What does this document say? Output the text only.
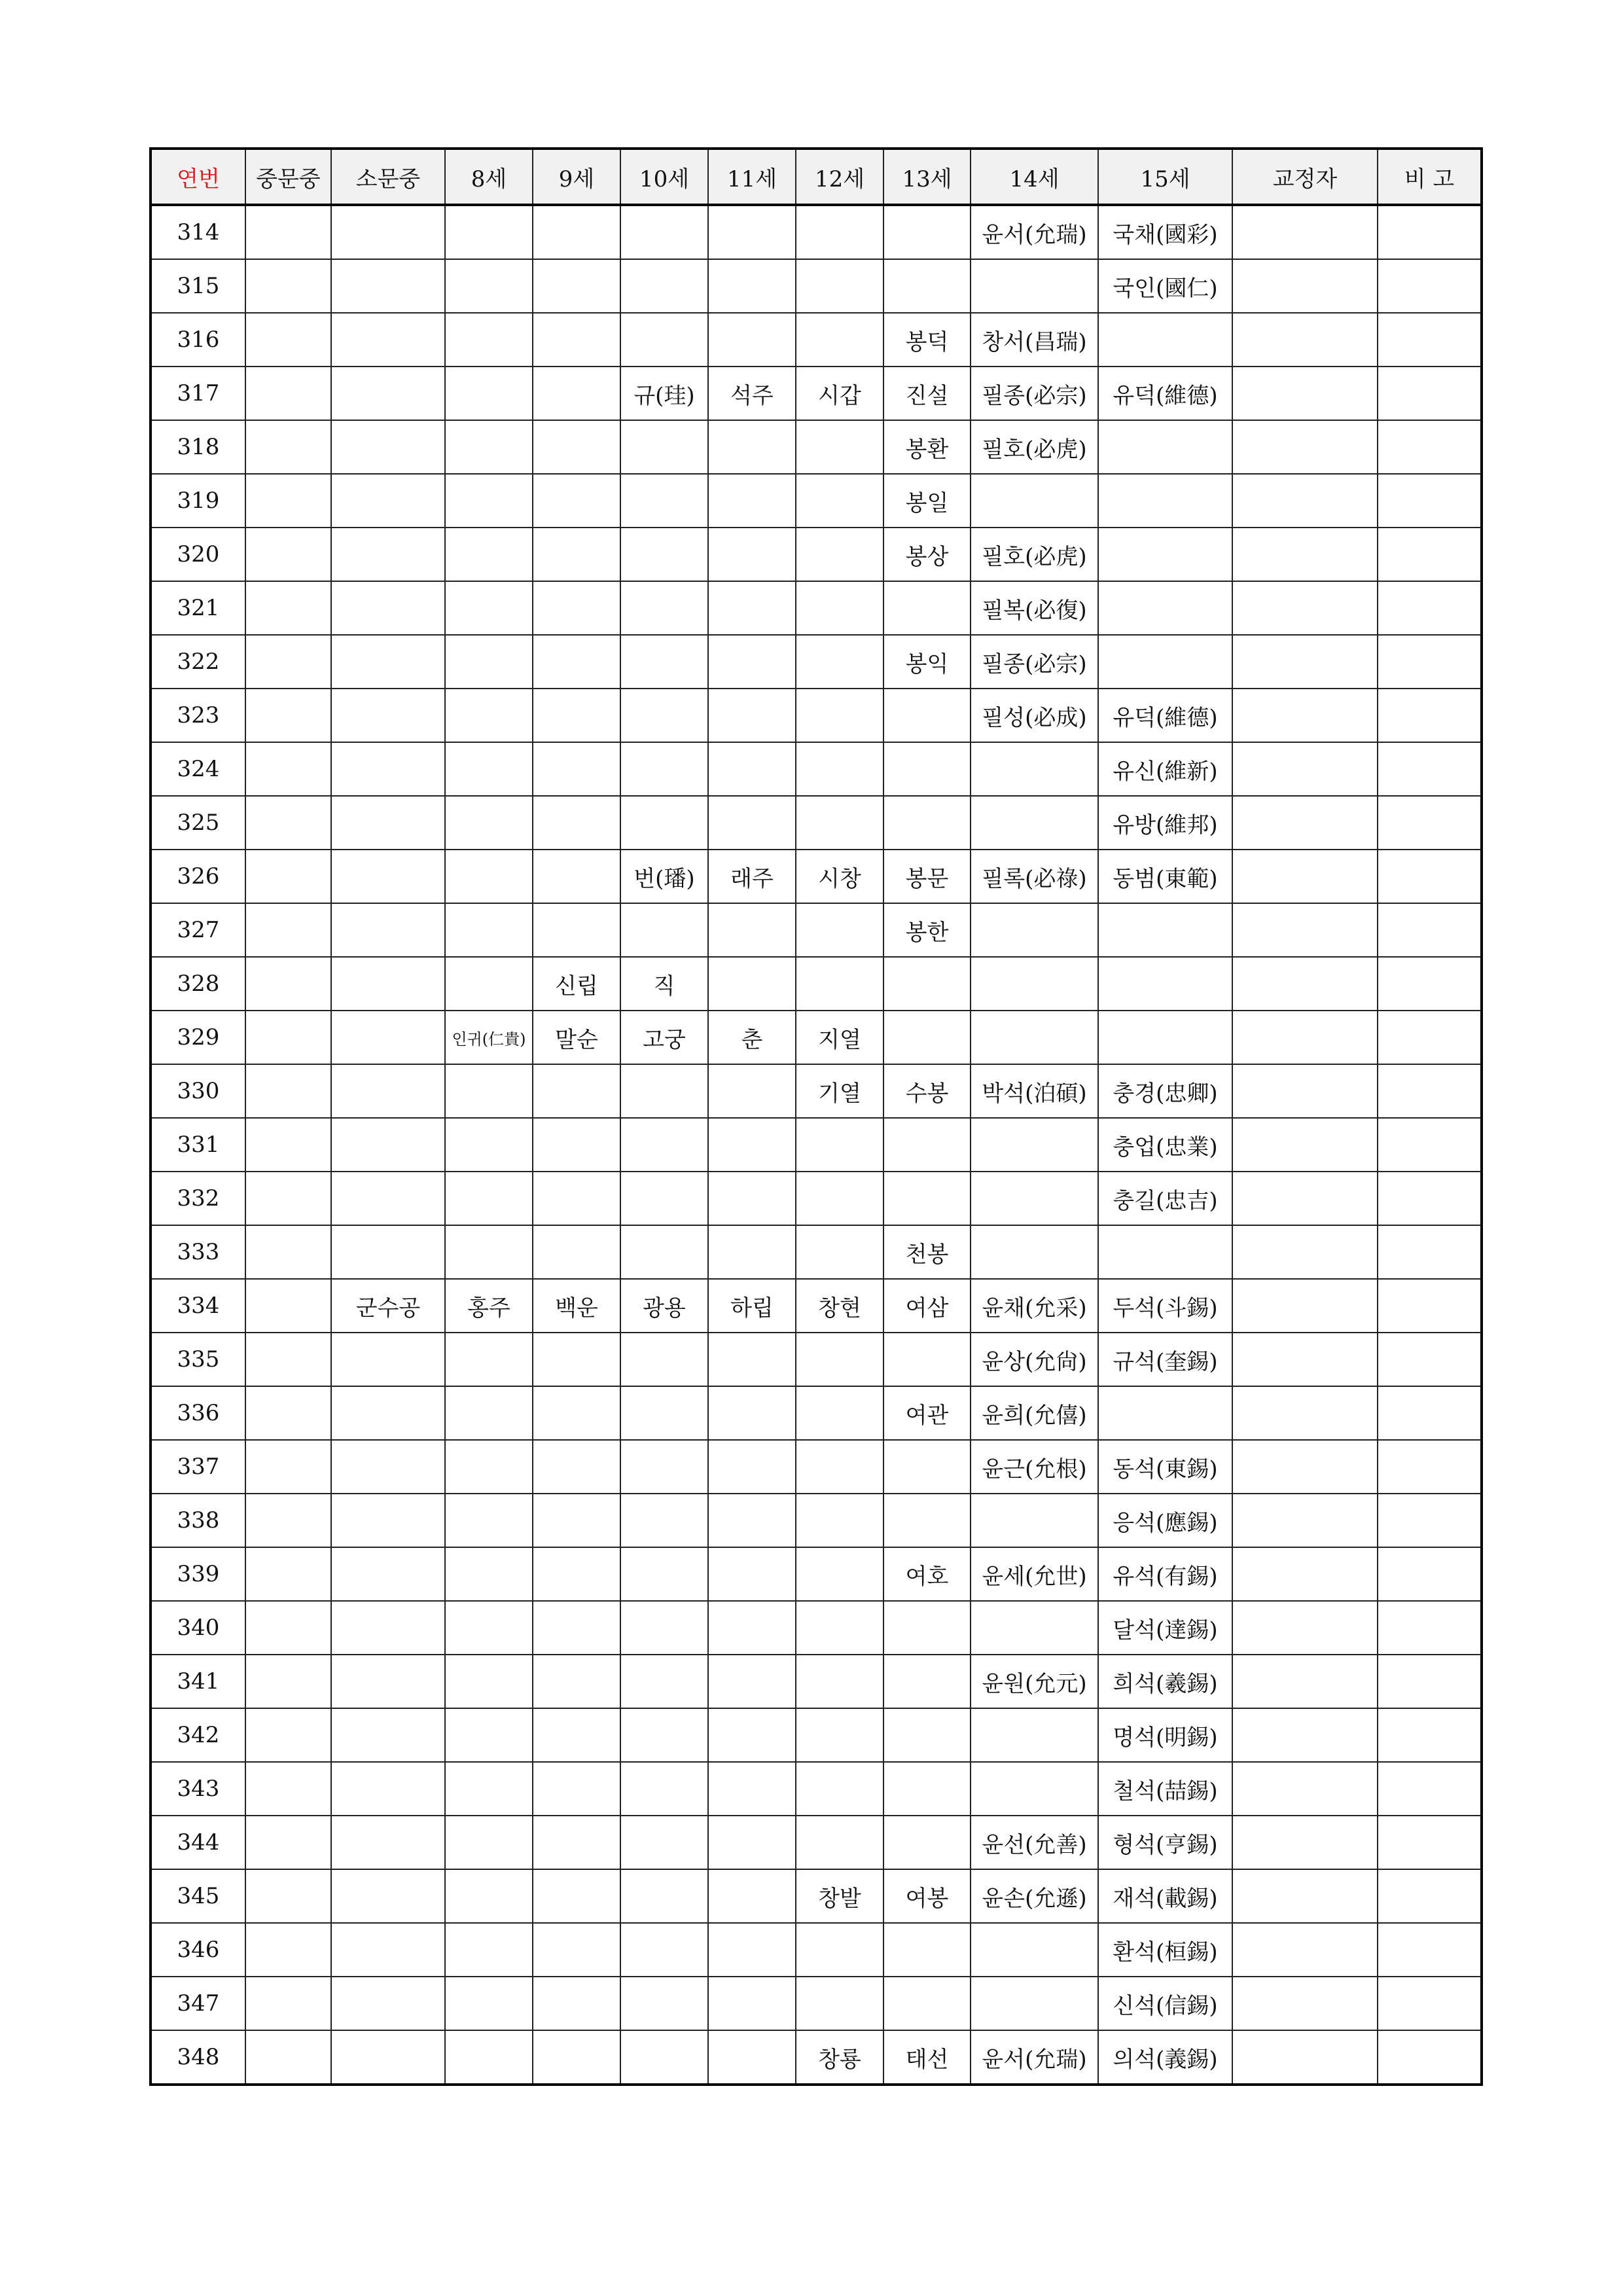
연번	중문중	소문중	8세	9세	10세	11세	12세	13세	14세	15세	교정자	비 고
314									윤서(允瑞)	국채(國彩)		
315										국인(國仁)		
316								봉덕	창서(昌瑞)			
317					규(珪)	석주	시갑	진설	필종(必宗)	유덕(維德)		
318								봉환	필호(必虎)			
319								봉일				
320								봉상	필호(必虎)			
321									필복(必復)			
322								봉익	필종(必宗)			
323									필성(必成)	유덕(維德)		
324										유신(維新)		
325										유방(維邦)		
326					번(璠)	래주	시창	봉문	필록(必祿)	동범(東範)		
327								봉한				
328				신립	직							
329			인귀(仁貴)	말순	고궁	춘	지열					
330							기열	수봉	박석(泊碩)	충경(忠卿)		
331										충업(忠業)		
332										충길(忠吉)		
333								천봉				
334		군수공	홍주	백운	광용	하립	창현	여삼	윤채(允采)	두석(斗錫)		
335									윤상(允尙)	규석(奎錫)		
336								여관	윤희(允僖)			
337									윤근(允根)	동석(東錫)		
338										응석(應錫)		
339								여호	윤세(允世)	유석(有錫)		
340										달석(達錫)		
341									윤원(允元)	희석(羲錫)		
342										명석(明錫)		
343										철석(喆錫)		
344									윤선(允善)	형석(亨錫)		
345							창발	여봉	윤손(允遜)	재석(載錫)		
346										환석(桓錫)		
347										신석(信錫)		
348							창룡	태선	윤서(允瑞)	의석(義錫)		
